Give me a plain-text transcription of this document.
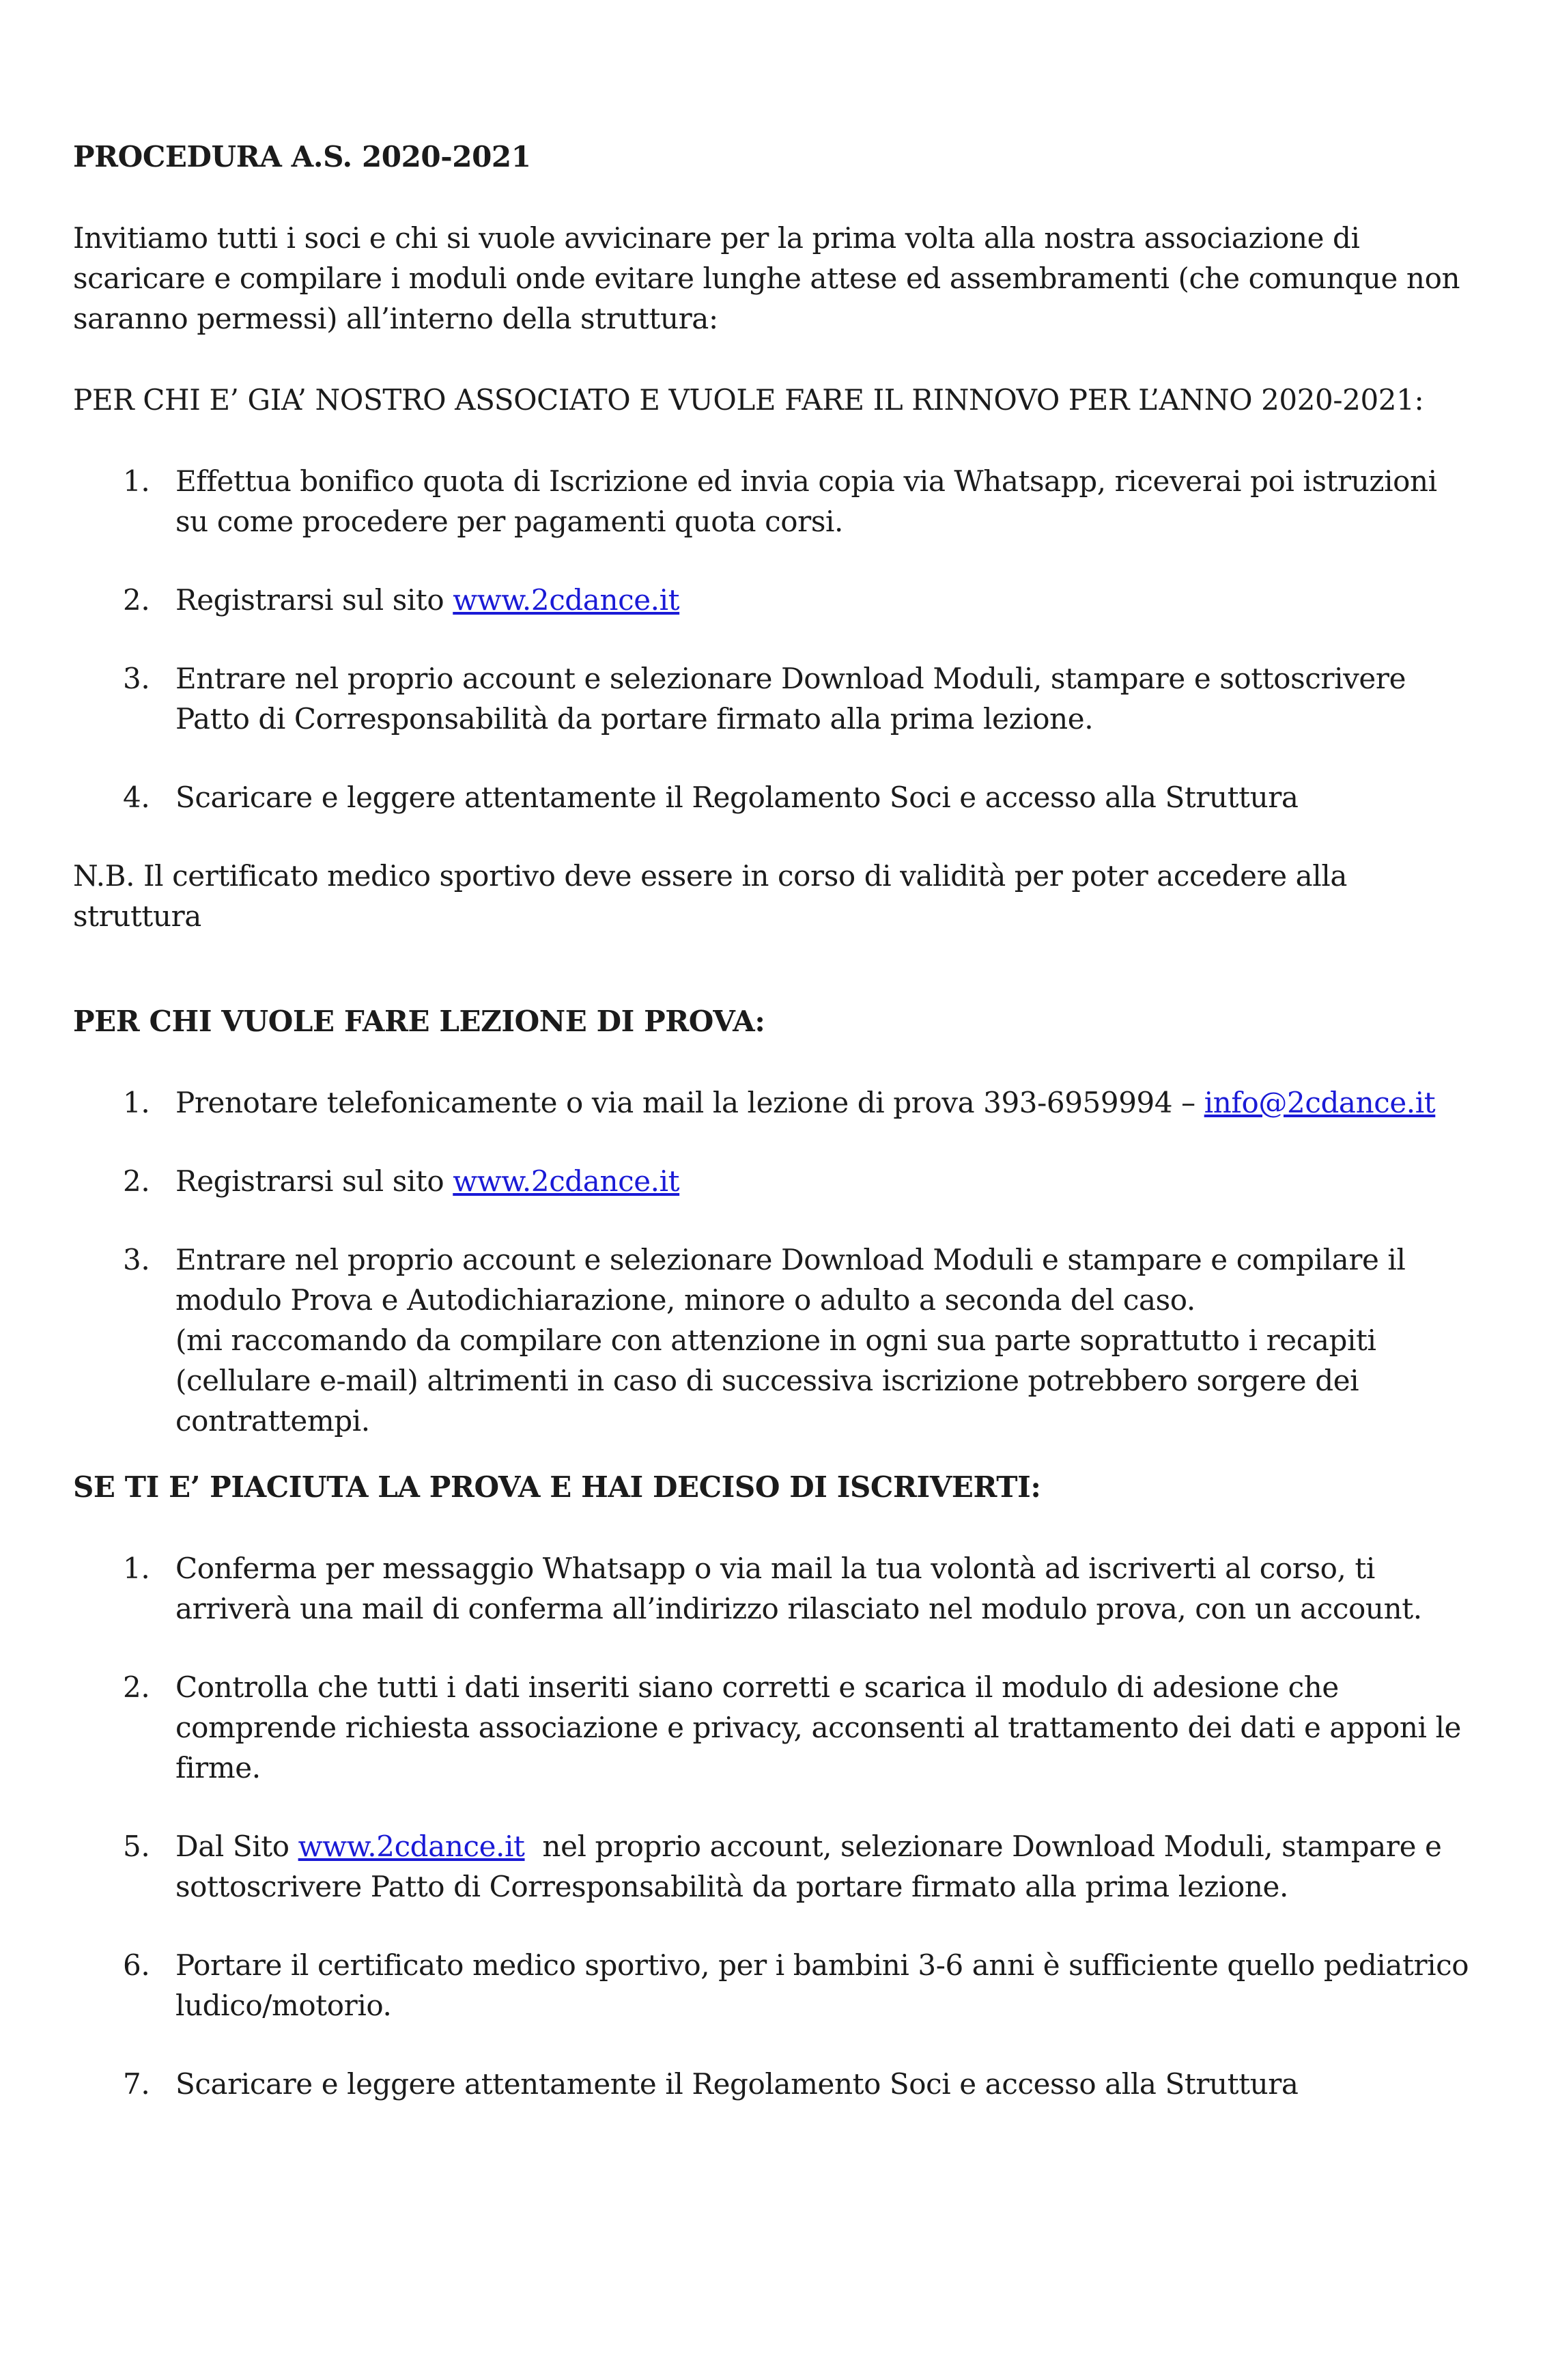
PROCEDURA A.S. 2020-2021

Invitiamo tutti i soci e chi si vuole avvicinare per la prima volta alla nostra associazione di scaricare e compilare i moduli onde evitare lunghe attese ed assembramenti (che comunque non saranno permessi) all’interno della struttura:

PER CHI E’ GIA’ NOSTRO ASSOCIATO E VUOLE FARE IL RINNOVO PER L’ANNO 2020-2021:

1. Effettua bonifico quota di Iscrizione ed invia copia via Whatsapp, riceverai poi istruzioni su come procedere per pagamenti quota corsi.
2. Registrarsi sul sito www.2cdance.it
3. Entrare nel proprio account e selezionare Download Moduli, stampare e sottoscrivere Patto di Corresponsabilità da portare firmato alla prima lezione.
4. Scaricare e leggere attentamente il Regolamento Soci e accesso alla Struttura

N.B. Il certificato medico sportivo deve essere in corso di validità per poter accedere alla struttura

PER CHI VUOLE FARE LEZIONE DI PROVA:

1. Prenotare telefonicamente o via mail la lezione di prova 393-6959994 – info@2cdance.it
2. Registrarsi sul sito www.2cdance.it
3. Entrare nel proprio account e selezionare Download Moduli e stampare e compilare il modulo Prova e Autodichiarazione, minore o adulto a seconda del caso.
(mi raccomando da compilare con attenzione in ogni sua parte soprattutto i recapiti (cellulare e-mail) altrimenti in caso di successiva iscrizione potrebbero sorgere dei contrattempi.

SE TI E’ PIACIUTA LA PROVA E HAI DECISO DI ISCRIVERTI:

1. Conferma per messaggio Whatsapp o via mail la tua volontà ad iscriverti al corso, ti arriverà una mail di conferma all’indirizzo rilasciato nel modulo prova, con un account.
2. Controlla che tutti i dati inseriti siano corretti e scarica il modulo di adesione che comprende richiesta associazione e privacy, acconsenti al trattamento dei dati e apponi le firme.
5. Dal Sito www.2cdance.it  nel proprio account, selezionare Download Moduli, stampare e sottoscrivere Patto di Corresponsabilità da portare firmato alla prima lezione.
6. Portare il certificato medico sportivo, per i bambini 3-6 anni è sufficiente quello pediatrico ludico/motorio.
7. Scaricare e leggere attentamente il Regolamento Soci e accesso alla Struttura
